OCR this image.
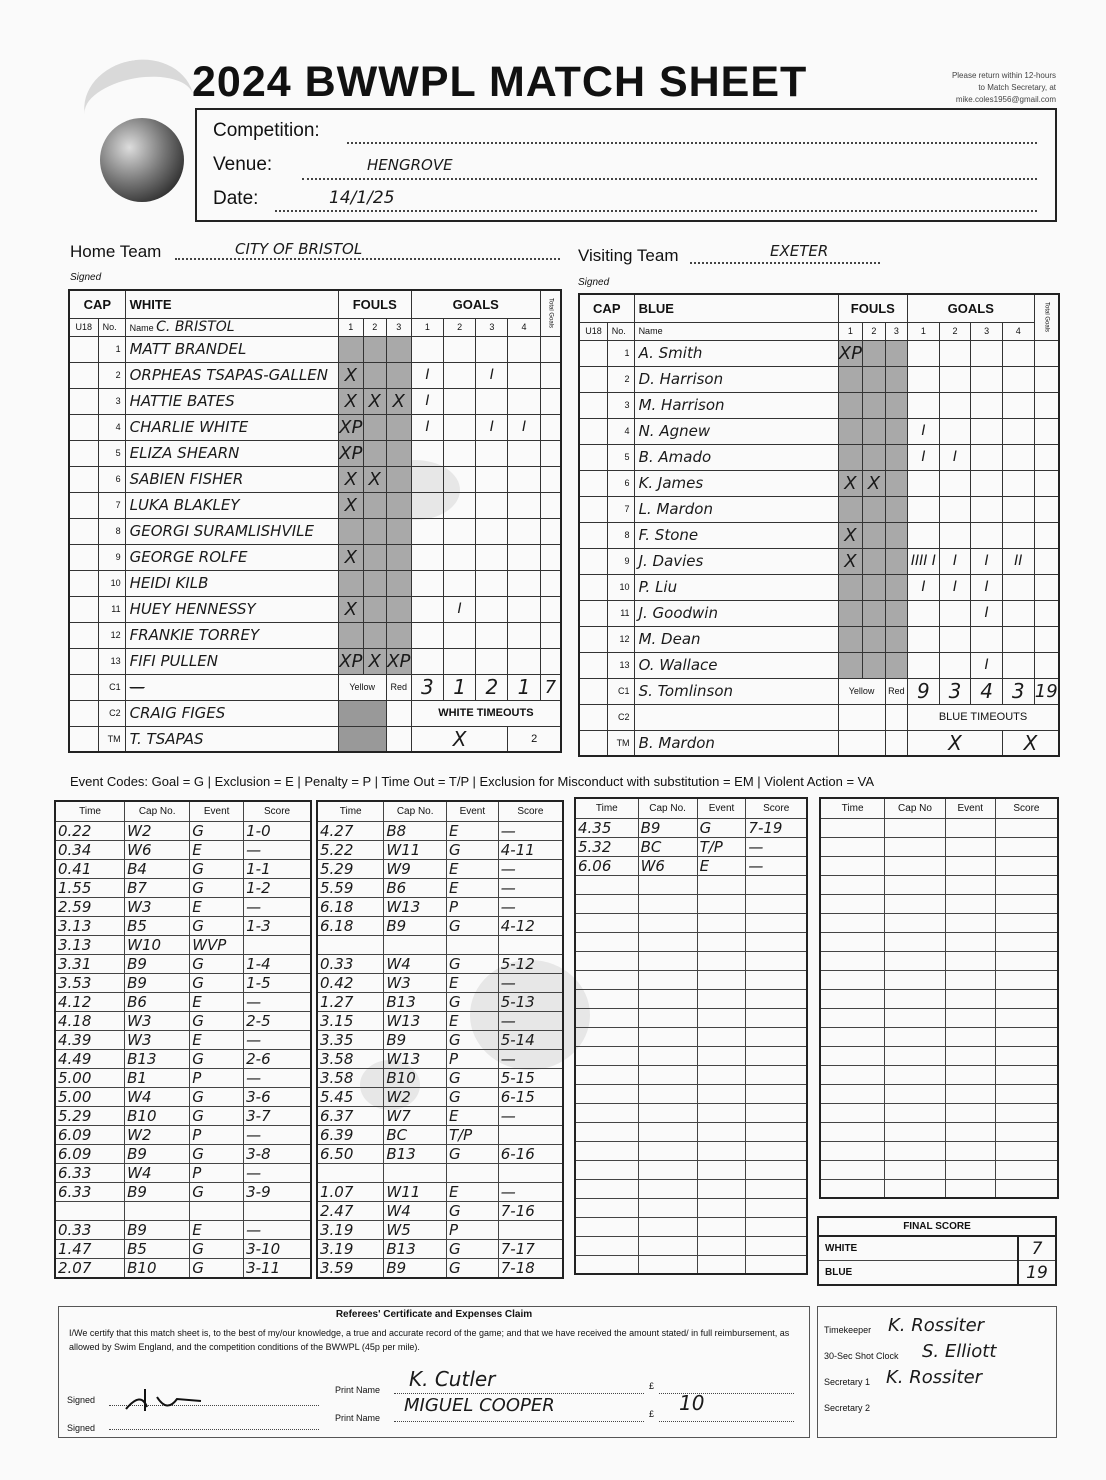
2024 BWWPL MATCH SHEET	Please return within 12-hours
to Match Secretary, at
mike.coles1956@gmail.com
Competition:
Venue:	HENGROVE
Date:	14/1/25
Home Team	CITY OF BRISTOL
Signed
Visiting Team	EXETER
Signed
CAP		WHITE	FOULS			GOALS				Total Goals
U18	No.	Name C. BRISTOL	1	2	3	1	2	3	4	
	1	MATT BRANDEL								
	2	ORPHEAS TSAPAS-GALLEN	X			I		I		
	3	HATTIE BATES	X	X	X	I				
	4	CHARLIE WHITE	XP			I		I	I	
	5	ELIZA SHEARN	XP							
	6	SABIEN FISHER	X	X						
	7	LUKA BLAKLEY	X							
	8	GEORGI SURAMLISHVILE								
	9	GEORGE ROLFE	X							
	10	HEIDI KILB								
	11	HUEY HENNESSY	X				I			
	12	FRANKIE TORREY								
	13	FIFI PULLEN	XP	X	XP					
	C1	—	Yellow		Red	3	1	2	1	7
	C2	CRAIG FIGES				WHITE TIMEOUTS				
	TM	T. TSAPAS				X			2	
CAP		BLUE	FOULS			GOALS				Total Goals
U18	No.	Name	1	2	3	1	2	3	4	
	1	A. Smith	XP							
	2	D. Harrison								
	3	M. Harrison								
	4	N. Agnew				I				
	5	B. Amado				I	I			
	6	K. James	X	X						
	7	L. Mardon								
	8	F. Stone	X							
	9	J. Davies	X			IIII I	I	I	II	
	10	P. Liu				I	I	I		
	11	J. Goodwin						I		
	12	M. Dean								
	13	O. Wallace						I		
	C1	S. Tomlinson	Yellow		Red	9	3	4	3	19
	C2					BLUE TIMEOUTS				
	TM	B. Mardon				X			X	
Event Codes: Goal = G | Exclusion = E | Penalty = P | Time Out = T/P | Exclusion for Misconduct with substitution = EM | Violent Action = VA
Time	Cap No.	Event	Score
0.22	W2	G	1-0
0.34	W6	E	—
0.41	B4	G	1-1
1.55	B7	G	1-2
2.59	W3	E	—
3.13	B5	G	1-3
3.13	W10	WVP	
3.31	B9	G	1-4
3.53	B9	G	1-5
4.12	B6	E	—
4.18	W3	G	2-5
4.39	W3	E	—
4.49	B13	G	2-6
5.00	B1	P	—
5.00	W4	G	3-6
5.29	B10	G	3-7
6.09	W2	P	—
6.09	B9	G	3-8
6.33	W4	P	—
6.33	B9	G	3-9

0.33	B9	E	—
1.47	B5	G	3-10
2.07	B10	G	3-11
Time	Cap No.	Event	Score
4.27	B8	E	—
5.22	W11	G	4-11
5.29	W9	E	—
5.59	B6	E	—
6.18	W13	P	—
6.18	B9	G	4-12

0.33	W4	G	5-12
0.42	W3	E	—
1.27	B13	G	5-13
3.15	W13	E	—
3.35	B9	G	5-14
3.58	W13	P	—
3.58	B10	G	5-15
5.45	W2	G	6-15
6.37	W7	E	—
6.39	BC	T/P	
6.50	B13	G	6-16

1.07	W11	E	—
2.47	W4	G	7-16
3.19	W5	P	
3.19	B13	G	7-17
3.59	B9	G	7-18
Time	Cap No.	Event	Score
4.35	B9	G	7-19
5.32	BC	T/P	—
6.06	W6	E	—

Time	Cap No	Event	Score

FINAL SCORE
WHITE	7
BLUE	19
Referees' Certificate and Expenses Claim
I/We certify that this match sheet is, to the best of my/our knowledge, a true and accurate record of the game; and that we have received the amount stated/ in full reimbursement, as allowed by Swim England, and the competition conditions of the BWWPL (45p per mile).
Signed
Print Name K. Cutler	£
Signed
Print Name
MIGUEL COOPER	£ 10
Timekeeper K. Rossiter
30-Sec Shot Clock S. Elliott
Secretary 1 K. Rossiter
Secretary 2
